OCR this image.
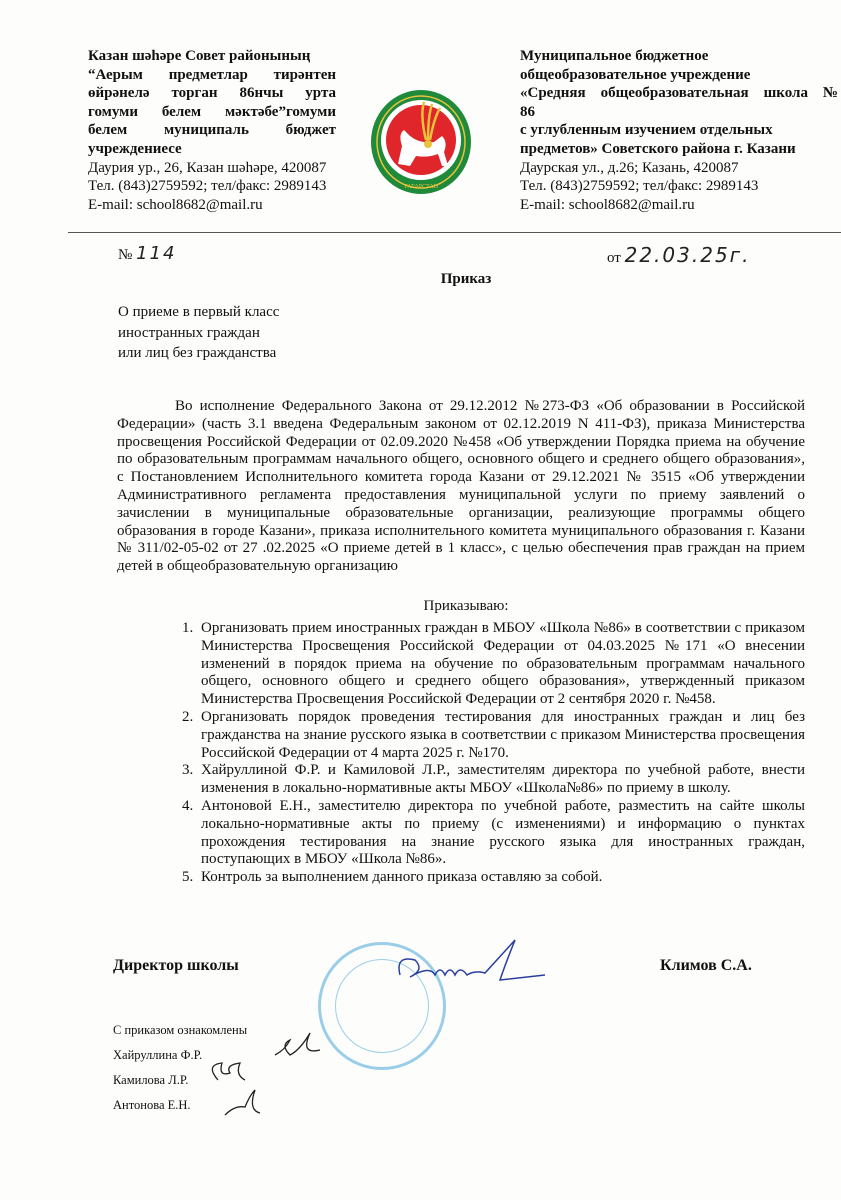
Казан шәһәре Совет районының
“Аерым предметлар тирәнтен
өйрәнелә торган 86нчы урта
гомуми белем мәктәбе”гомуми
белем муниципаль бюджет
учреждениесе
Даурия ур., 26, Казан шәһәре, 420087
Тел. (843)2759592; тел/факс: 2989143
E-mail: school8682@mail.ru
ТАТАРСТАН
Муниципальное бюджетное
общеобразовательное учреждение
«Средняя общеобразовательная школа №
86
с углубленным изучением отдельных
предметов» Советского района г. Казани
Даурская ул., д.26; Казань, 420087
Тел. (843)2759592; тел/факс: 2989143
E-mail: school8682@mail.ru
№ 114	от 22.03.25г.
Приказ
О приеме в первый класс
иностранных граждан
или лиц без гражданства
Во исполнение Федерального Закона от 29.12.2012 №273-ФЗ «Об образовании в Российской Федерации» (часть 3.1 введена Федеральным законом от 02.12.2019 N 411-ФЗ), приказа Министерства просвещения Российской Федерации от 02.09.2020 №458 «Об утверждении Порядка приема на обучение по образовательным программам начального общего, основного общего и среднего общего образования», с Постановлением Исполнительного комитета города Казани от 29.12.2021 № 3515 «Об утверждении Административного регламента предоставления муниципальной услуги по приему заявлений о зачислении в муниципальные образовательные организации, реализующие программы общего образования в городе Казани», приказа исполнительного комитета муниципального образования г. Казани № 311/02-05-02 от 27 .02.2025 «О приеме детей в 1 класс», с целью обеспечения прав граждан на прием детей в общеобразовательную организацию
Приказываю:
1. Организовать прием иностранных граждан в МБОУ «Школа №86» в соответствии с приказом Министерства Просвещения Российской Федерации от 04.03.2025 №171 «О внесении изменений в порядок приема на обучение по образовательным программам начального общего, основного общего и среднего общего образования», утвержденный приказом Министерства Просвещения Российской Федерации от 2 сентября 2020 г. №458.
2. Организовать порядок проведения тестирования для иностранных граждан и лиц без гражданства на знание русского языка в соответствии с приказом Министерства просвещения Российской Федерации от 4 марта 2025 г. №170.
3. Хайруллиной Ф.Р. и Камиловой Л.Р., заместителям директора по учебной работе, внести изменения в локально-нормативные акты МБОУ «Школа№86» по приему в школу.
4. Антоновой Е.Н., заместителю директора по учебной работе, разместить на сайте школы локально-нормативные акты по приему (с изменениями) и информацию о пунктах прохождения тестирования на знание русского языка для иностранных граждан, поступающих в МБОУ «Школа №86».
5. Контроль за выполнением данного приказа оставляю за собой.
Директор школы	Климов С.А.
С приказом ознакомлены
Хайруллина Ф.Р.
Камилова Л.Р.
Антонова Е.Н.
